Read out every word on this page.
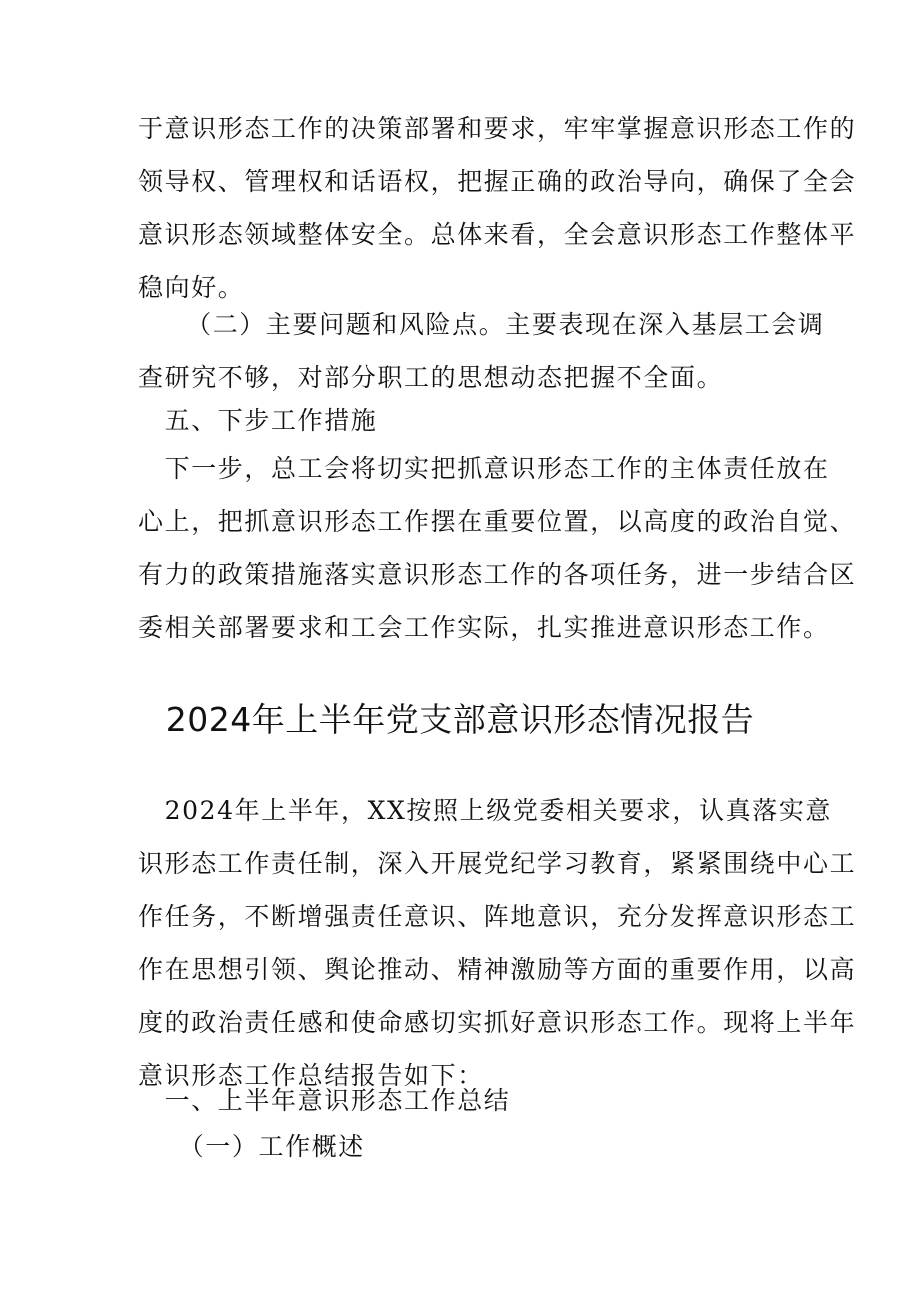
于意识形态工作的决策部署和要求，牢牢掌握意识形态工作的
领导权、管理权和话语权，把握正确的政治导向，确保了全会
意识形态领域整体安全。总体来看，全会意识形态工作整体平
稳向好。
　（二）主要问题和风险点。主要表现在深入基层工会调
查研究不够，对部分职工的思想动态把握不全面。
　五、下步工作措施
　下一步，总工会将切实把抓意识形态工作的主体责任放在
心上，把抓意识形态工作摆在重要位置，以高度的政治自觉、
有力的政策措施落实意识形态工作的各项任务，进一步结合区
委相关部署要求和工会工作实际，扎实推进意识形态工作。
2024年上半年党支部意识形态情况报告
　2024年上半年，XX按照上级党委相关要求，认真落实意
识形态工作责任制，深入开展党纪学习教育，紧紧围绕中心工
作任务，不断增强责任意识、阵地意识，充分发挥意识形态工
作在思想引领、舆论推动、精神激励等方面的重要作用，以高
度的政治责任感和使命感切实抓好意识形态工作。现将上半年
意识形态工作总结报告如下：
　一、上半年意识形态工作总结
　　（一）工作概述
